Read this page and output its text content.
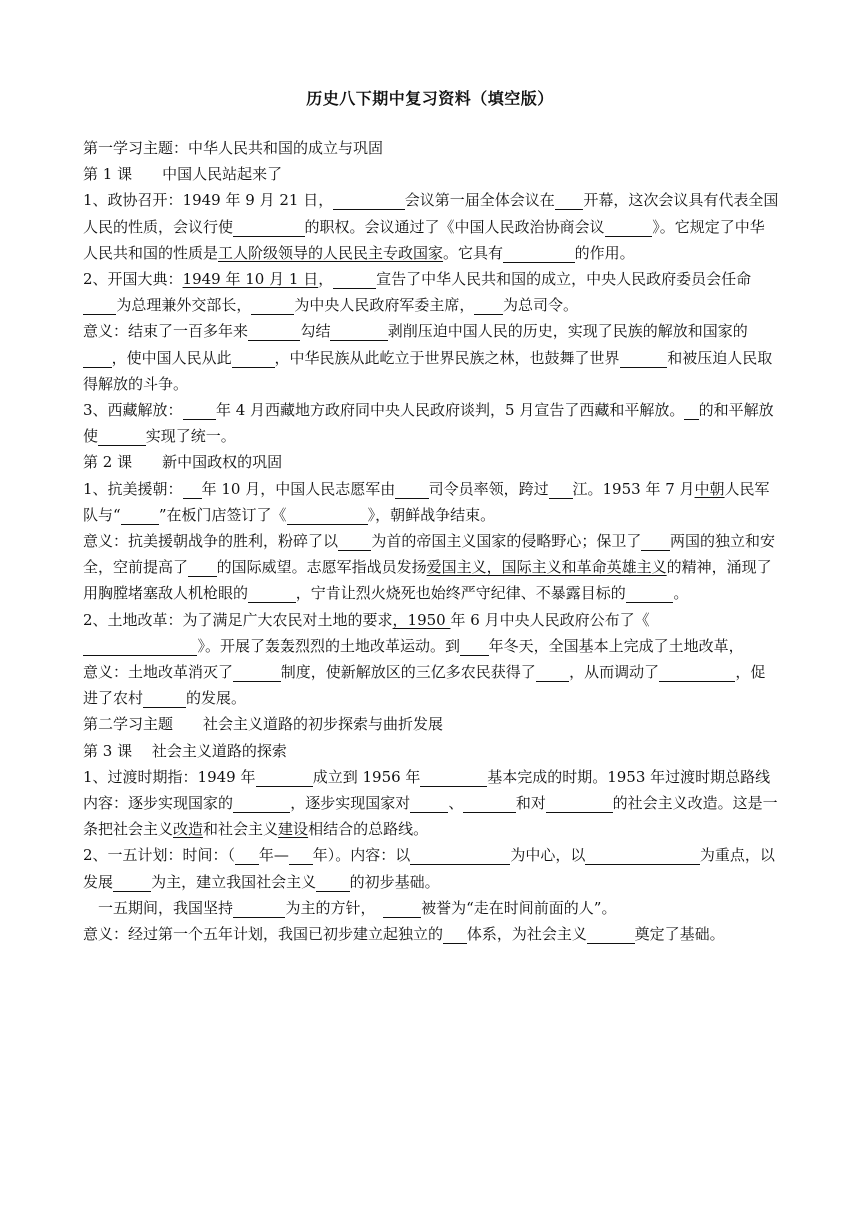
历史八下期中复习资料（填空版）

第一学习主题：中华人民共和国的成立与巩固

第 1 课　　中国人民站起来了

1、政协召开：1949 年 9 月 21 日，	会议第一届全体会议在 开幕，这次会议具有代表全国人民的性质，会议行使	的职权。会议通过了《中国人民政治协商会议	》。它规定了中华人民共和国的性质是工人阶级领导的人民民主专政国家。它具有	的作用。

2、开国大典：1949 年 10 月 1 日，	宣告了中华人民共和国的成立，中央人民政府委员会任命       为总理兼外交部长，	为中央人民政府军委主席， 为总司令。

意义：结束了一百多年来	勾结	剥削压迫中国人民的历史，实现了民族的解放和国家的      ，使中国人民从此	，中华民族从此屹立于世界民族之林，也鼓舞了世界	和被压迫人民取得解放的斗争。

3、西藏解放： 年 4 月西藏地方政府同中央人民政府谈判，5 月宣告了西藏和平解放。 的和平解放使	实现了统一。

第 2 课　　新中国政权的巩固

1、抗美援朝： 年 10 月，中国人民志愿军由 司令员率领，跨过 江。1953 年 7 月中朝人民军队与“	”在板门店签订了《	》，朝鲜战争结束。

意义：抗美援朝战争的胜利，粉碎了以 为首的帝国主义国家的侵略野心；保卫了 两国的独立和安全，空前提高了 的国际威望。志愿军指战员发扬爱国主义，国际主义和革命英雄主义的精神，涌现了用胸膛堵塞敌人机枪眼的	，宁肯让烈火烧死也始终严守纪律、不暴露目标的	。

2、土地改革：为了满足广大农民对土地的要求，1950 年 6 月中央人民政府公布了《                        》。开展了轰轰烈烈的土地改革运动。到 年冬天，全国基本上完成了土地改革，

意义：土地改革消灭了	制度，使新解放区的三亿多农民获得了 ，从而调动了	，促进了农村	的发展。

第二学习主题　　社会主义道路的初步探索与曲折发展

第 3 课　 社会主义道路的探索

1、过渡时期指：1949 年	成立到 1956 年	基本完成的时期。1953 年过渡时期总路线内容：逐步实现国家的	，逐步实现国家对	、	和对	的社会主义改造。这是一条把社会主义改造和社会主义建设相结合的总路线。

2、一五计划：时间：（ 年— 年）。内容：以	为中心，以	为重点，以发展	为主，建立我国社会主义 的初步基础。

一五期间，我国坚持	为主的方针，　	被誉为“走在时间前面的人”。

意义：经过第一个五年计划，我国已初步建立起独立的 体系，为社会主义	奠定了基础。
